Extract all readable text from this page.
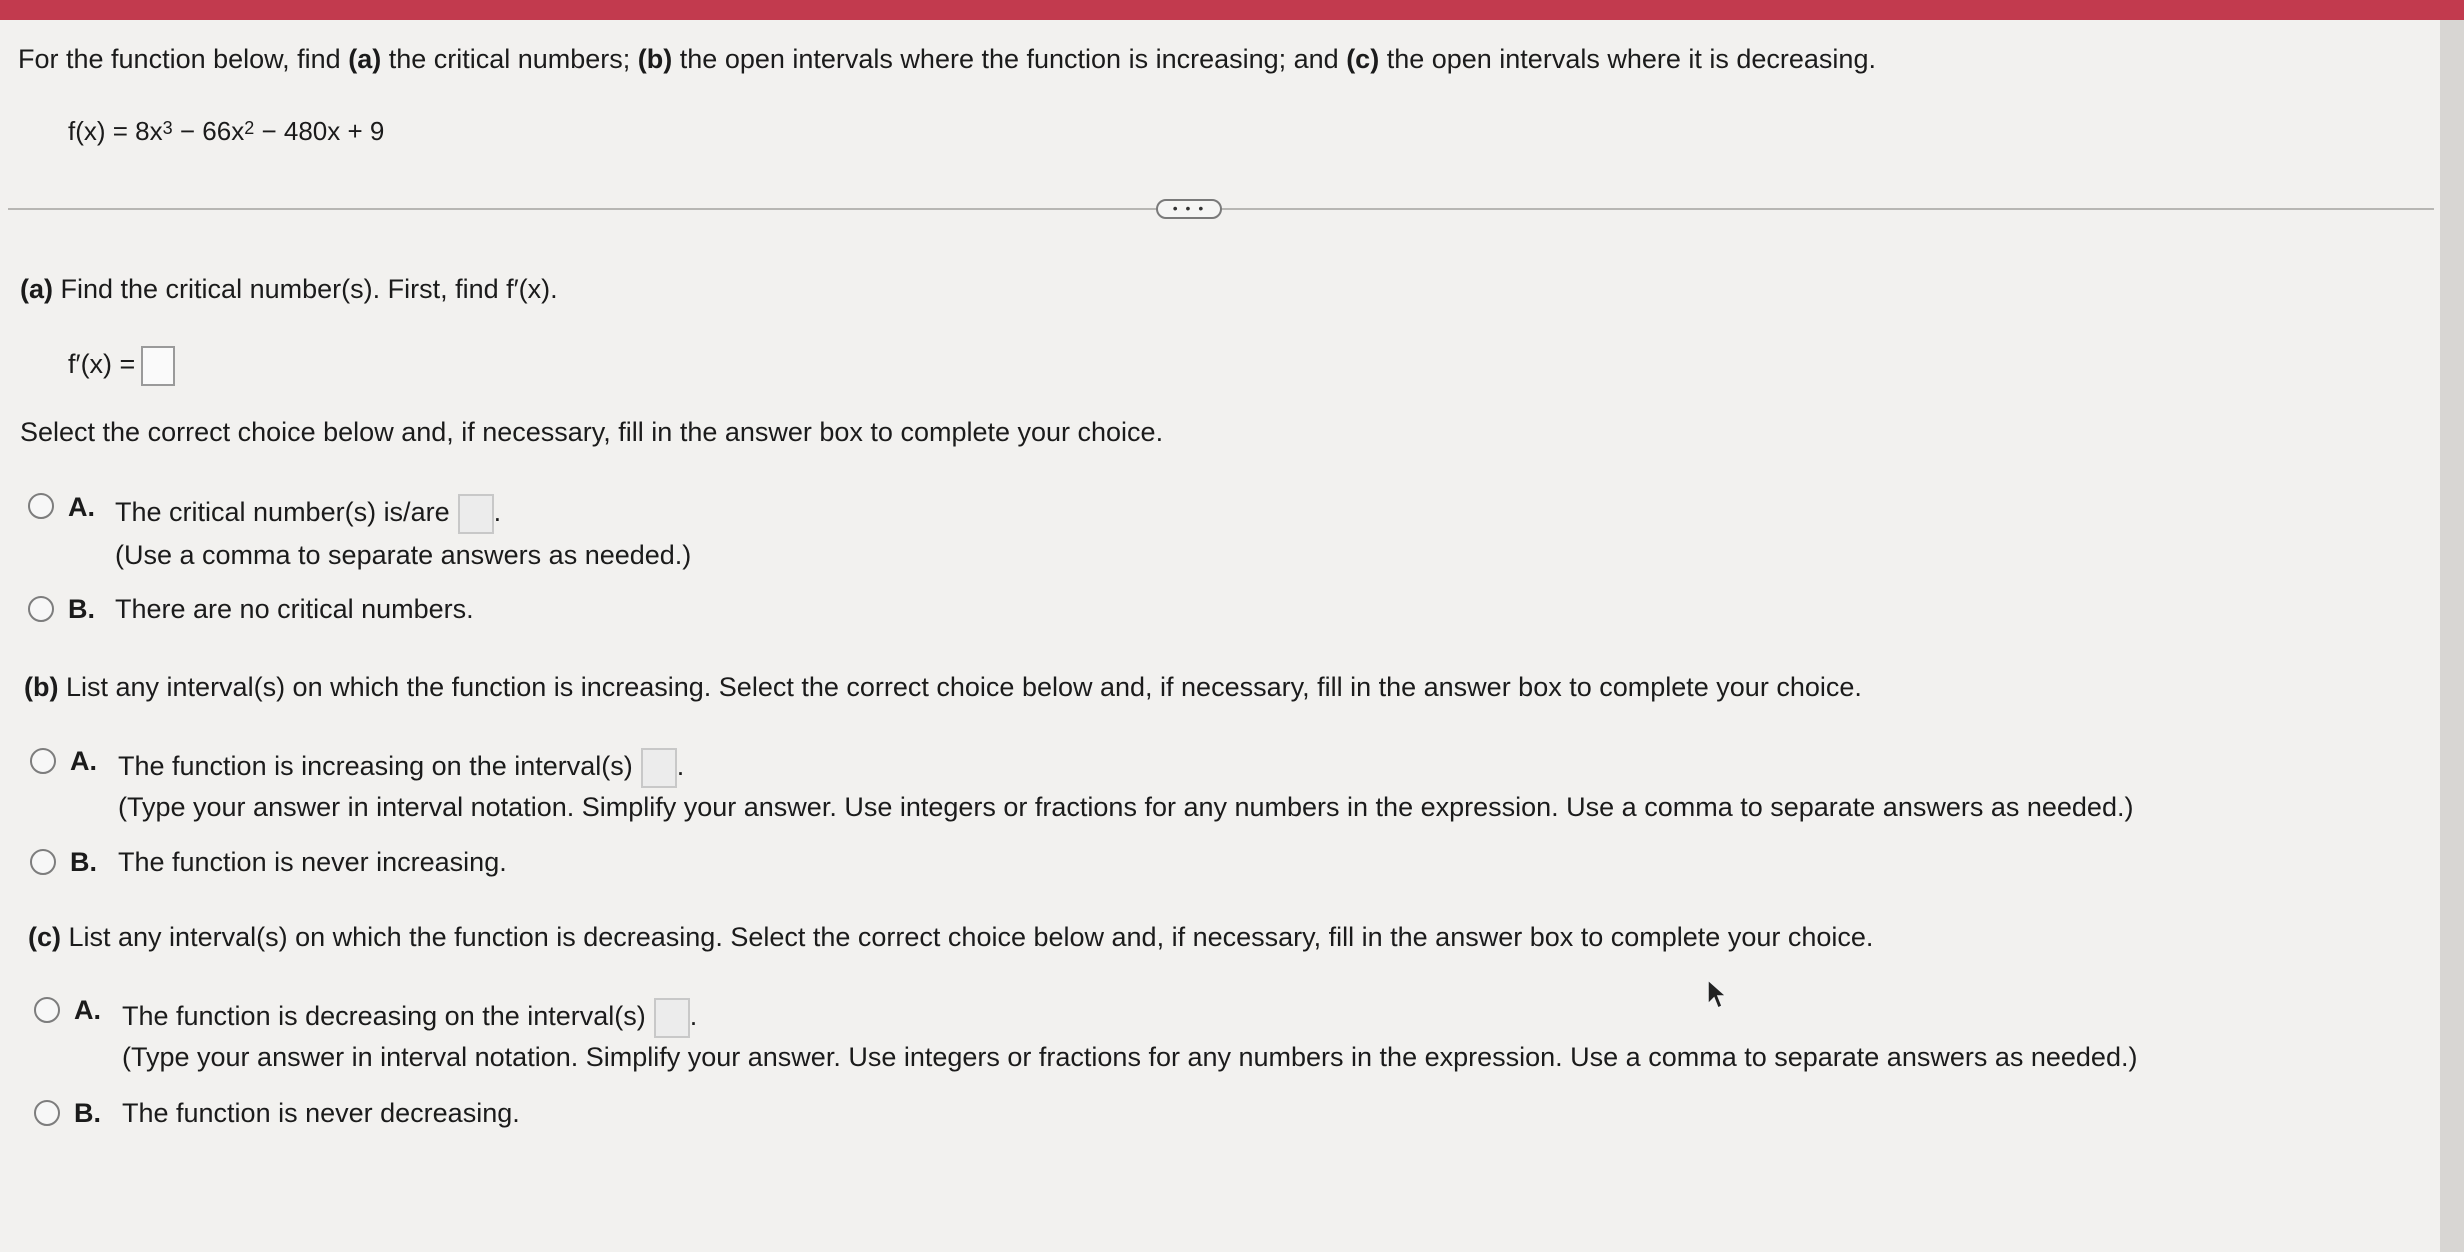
For the function below, find (a) the critical numbers; (b) the open intervals where the function is increasing; and (c) the open intervals where it is decreasing.
$f(x) = 8x^3 - 66x^2 - 480x + 9$
• • •
(a) Find the critical number(s). First, find f′(x).
f′(x) =
Select the correct choice below and, if necessary, fill in the answer box to complete your choice.
A. The critical number(s) is/are .
(Use a comma to separate answers as needed.)
B. There are no critical numbers.
(b) List any interval(s) on which the function is increasing. Select the correct choice below and, if necessary, fill in the answer box to complete your choice.
A. The function is increasing on the interval(s) .
(Type your answer in interval notation. Simplify your answer. Use integers or fractions for any numbers in the expression. Use a comma to separate answers as needed.)
B. The function is never increasing.
(c) List any interval(s) on which the function is decreasing. Select the correct choice below and, if necessary, fill in the answer box to complete your choice.
A. The function is decreasing on the interval(s) .
(Type your answer in interval notation. Simplify your answer. Use integers or fractions for any numbers in the expression. Use a comma to separate answers as needed.)
B. The function is never decreasing.
